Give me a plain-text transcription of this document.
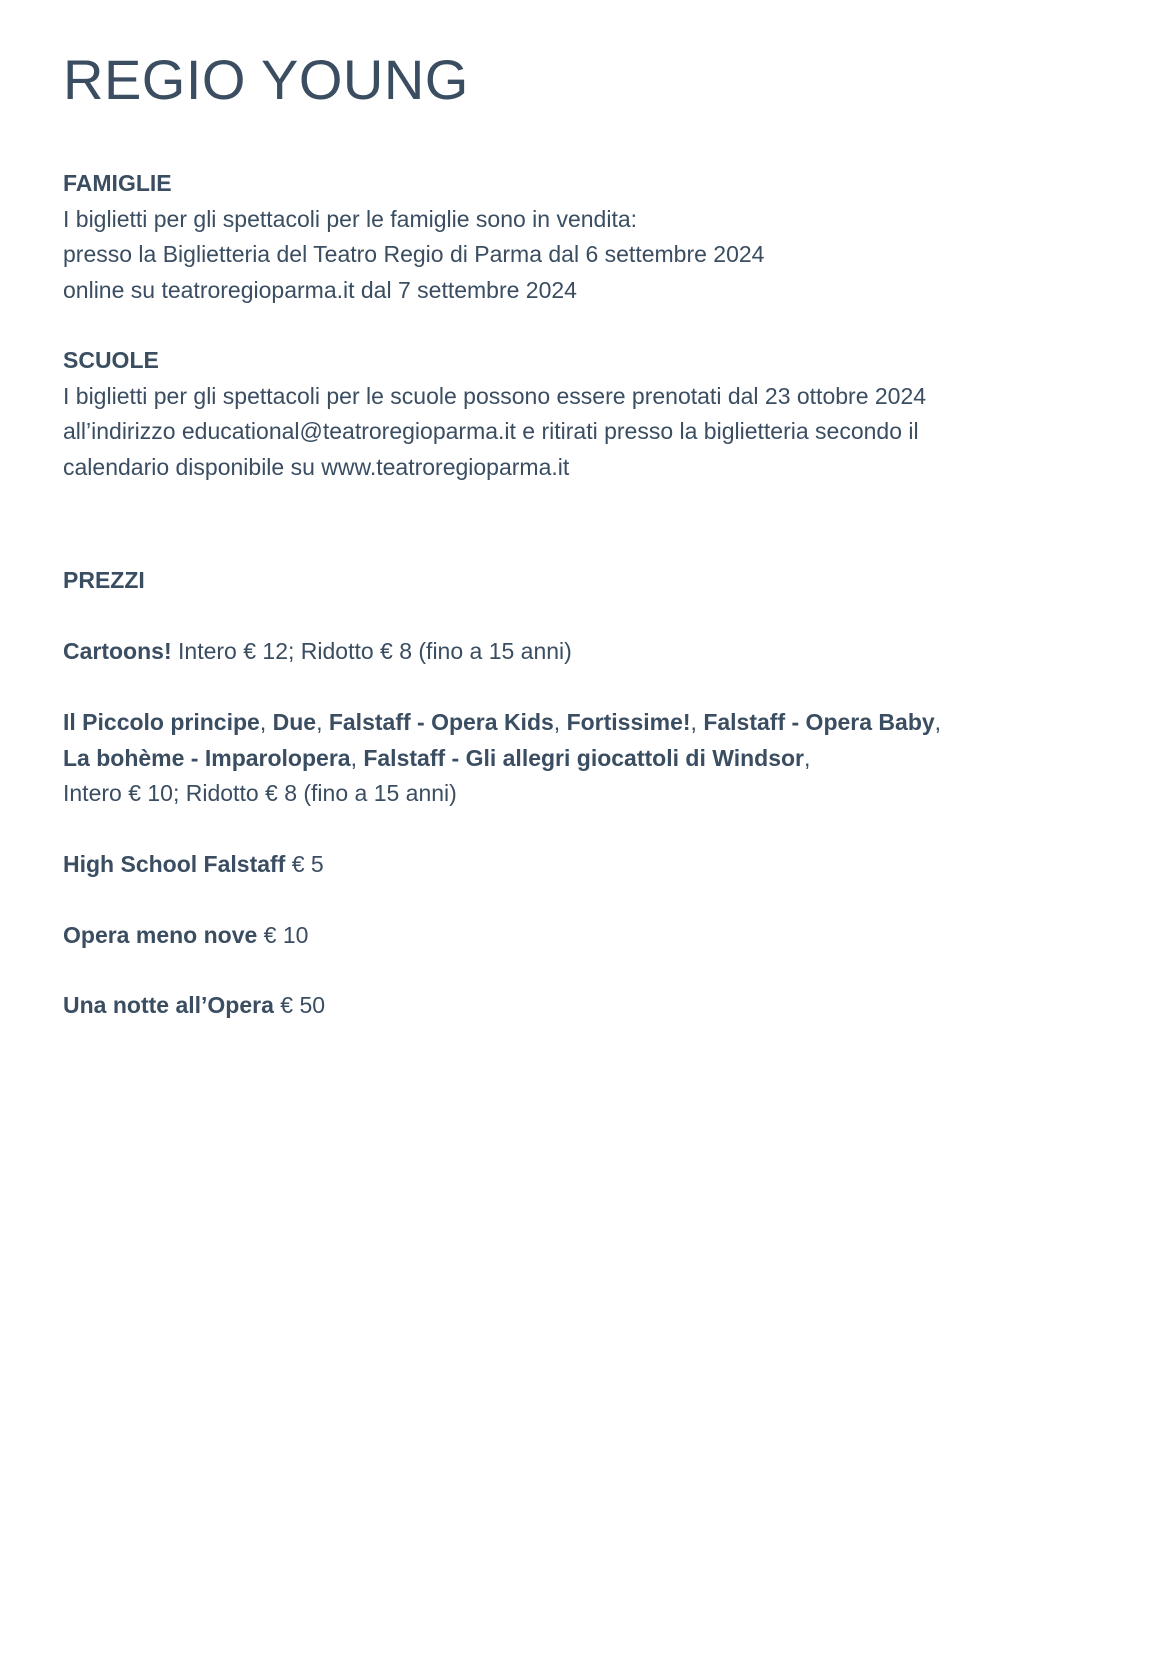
REGIO YOUNG
FAMIGLIE
I biglietti per gli spettacoli per le famiglie sono in vendita:
presso la Biglietteria del Teatro Regio di Parma dal 6 settembre 2024
online su teatroregioparma.it dal 7 settembre 2024
SCUOLE
I biglietti per gli spettacoli per le scuole possono essere prenotati dal 23 ottobre 2024
all’indirizzo educational@teatroregioparma.it e ritirati presso la biglietteria secondo il
calendario disponibile su www.teatroregioparma.it
PREZZI
Cartoons! Intero € 12; Ridotto € 8 (fino a 15 anni)
Il Piccolo principe, Due, Falstaff - Opera Kids, Fortissime!, Falstaff - Opera Baby,
La bohème - Imparolopera, Falstaff - Gli allegri giocattoli di Windsor,
Intero € 10; Ridotto € 8 (fino a 15 anni)
High School Falstaff € 5
Opera meno nove € 10
Una notte all’Opera € 50
